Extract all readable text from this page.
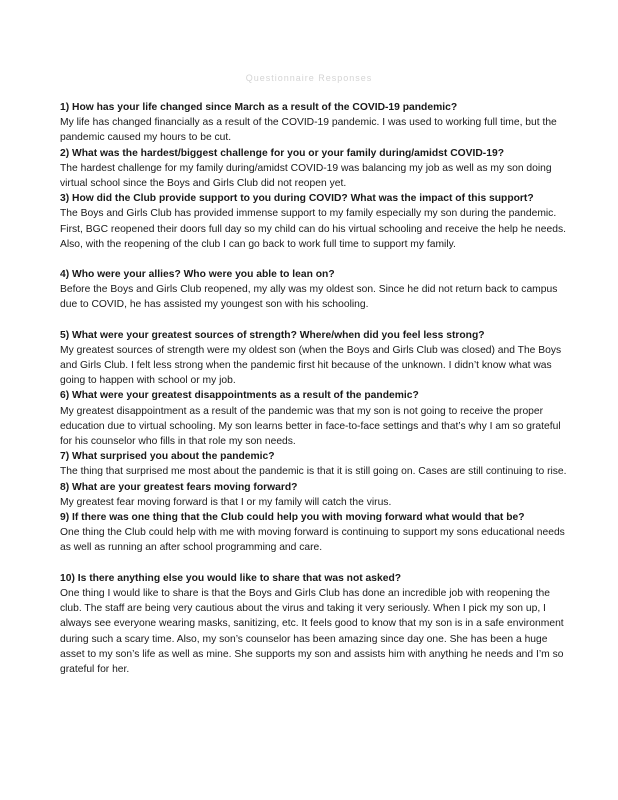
Questionnaire Responses

1) How has your life changed since March as a result of the COVID-19 pandemic?

My life has changed financially as a result of the COVID-19 pandemic. I was used to working full time, but the pandemic caused my hours to be cut.

2) What was the hardest/biggest challenge for you or your family during/amidst COVID-19?

The hardest challenge for my family during/amidst COVID-19 was balancing my job as well as my son doing virtual school since the Boys and Girls Club did not reopen yet.

3) How did the Club provide support to you during COVID? What was the impact of this support?

The Boys and Girls Club has provided immense support to my family especially my son during the pandemic. First, BGC reopened their doors full day so my child can do his virtual schooling and receive the help he needs. Also, with the reopening of the club I can go back to work full time to support my family.

4) Who were your allies? Who were you able to lean on?

Before the Boys and Girls Club reopened, my ally was my oldest son. Since he did not return back to campus due to COVID, he has assisted my youngest son with his schooling.

5) What were your greatest sources of strength? Where/when did you feel less strong?

My greatest sources of strength were my oldest son (when the Boys and Girls Club was closed) and The Boys and Girls Club. I felt less strong when the pandemic first hit because of the unknown. I didn’t know what was going to happen with school or my job.

6) What were your greatest disappointments as a result of the pandemic?

My greatest disappointment as a result of the pandemic was that my son is not going to receive the proper education due to virtual schooling. My son learns better in face-to-face settings and that’s why I am so grateful for his counselor who fills in that role my son needs.

7) What surprised you about the pandemic?

The thing that surprised me most about the pandemic is that it is still going on. Cases are still continuing to rise.

8) What are your greatest fears moving forward?

My greatest fear moving forward is that I or my family will catch the virus.

9) If there was one thing that the Club could help you with moving forward what would that be?

One thing the Club could help with me with moving forward is continuing to support my sons educational needs as well as running an after school programming and care.

10) Is there anything else you would like to share that was not asked?

One thing I would like to share is that the Boys and Girls Club has done an incredible job with reopening the club. The staff are being very cautious about the virus and taking it very seriously. When I pick my son up, I always see everyone wearing masks, sanitizing, etc. It feels good to know that my son is in a safe environment during such a scary time. Also, my son’s counselor has been amazing since day one. She has been a huge asset to my son’s life as well as mine. She supports my son and assists him with anything he needs and I’m so grateful for her.
